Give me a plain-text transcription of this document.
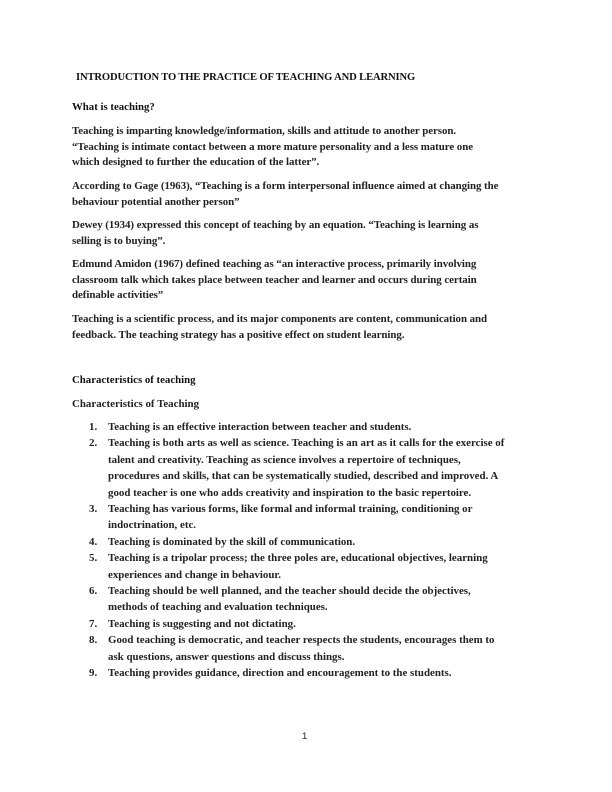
INTRODUCTION TO THE PRACTICE OF TEACHING AND LEARNING
What is teaching?

Teaching is imparting knowledge/information, skills and attitude to another person.
“Teaching is intimate contact between a more mature personality and a less mature one
which designed to further the education of the latter”.

According to Gage (1963), “Teaching is a form interpersonal influence aimed at changing the
behaviour potential another person”

Dewey (1934) expressed this concept of teaching by an equation. “Teaching is learning as
selling is to buying”.

Edmund Amidon (1967) defined teaching as “an interactive process, primarily involving
classroom talk which takes place between teacher and learner and occurs during certain
definable activities”

Teaching is a scientific process, and its major components are content, communication and
feedback. The teaching strategy has a positive effect on student learning.

Characteristics of teaching

Characteristics of Teaching

1. Teaching is an effective interaction between teacher and students.
2. Teaching is both arts as well as science. Teaching is an art as it calls for the exercise of
talent and creativity. Teaching as science involves a repertoire of techniques,
procedures and skills, that can be systematically studied, described and improved. A
good teacher is one who adds creativity and inspiration to the basic repertoire.
3. Teaching has various forms, like formal and informal training, conditioning or
indoctrination, etc.
4. Teaching is dominated by the skill of communication.
5. Teaching is a tripolar process; the three poles are, educational objectives, learning
experiences and change in behaviour.
6. Teaching should be well planned, and the teacher should decide the objectives,
methods of teaching and evaluation techniques.
7. Teaching is suggesting and not dictating.
8. Good teaching is democratic, and teacher respects the students, encourages them to
ask questions, answer questions and discuss things.
9. Teaching provides guidance, direction and encouragement to the students.
1
